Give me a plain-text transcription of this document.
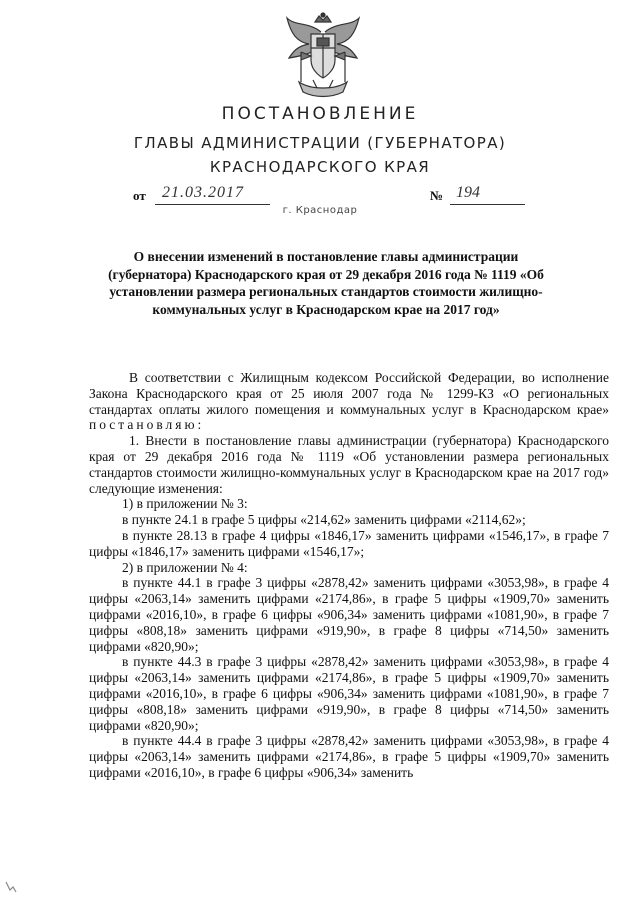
ПОСТАНОВЛЕНИЕ
ГЛАВЫ АДМИНИСТРАЦИИ (ГУБЕРНАТОРА)
КРАСНОДАРСКОГО КРАЯ
от 21.03.2017	№ 194
г. Краснодар
О внесении изменений в постановление главы администрации (губернатора) Краснодарского края от 29 декабря 2016 года № 1119 «Об установлении размера региональных стандартов стоимости жилищно-коммунальных услуг в Краснодарском крае на 2017 год»

В соответствии с Жилищным кодексом Российской Федерации, во исполнение Закона Краснодарского края от 25 июля 2007 года № 1299-КЗ «О региональных стандартах оплаты жилого помещения и коммунальных услуг в Краснодарском крае» постановляю:

1. Внести в постановление главы администрации (губернатора) Краснодарского края от 29 декабря 2016 года № 1119 «Об установлении размера региональных стандартов стоимости жилищно-коммунальных услуг в Краснодарском крае на 2017 год» следующие изменения:

1) в приложении № 3:

в пункте 24.1 в графе 5 цифры «214,62» заменить цифрами «2114,62»;

в пункте 28.13 в графе 4 цифры «1846,17» заменить цифрами «1546,17», в графе 7 цифры «1846,17» заменить цифрами «1546,17»;

2) в приложении № 4:

в пункте 44.1 в графе 3 цифры «2878,42» заменить цифрами «3053,98», в графе 4 цифры «2063,14» заменить цифрами «2174,86», в графе 5 цифры «1909,70» заменить цифрами «2016,10», в графе 6 цифры «906,34» заменить цифрами «1081,90», в графе 7 цифры «808,18» заменить цифрами «919,90», в графе 8 цифры «714,50» заменить цифрами «820,90»;

в пункте 44.3 в графе 3 цифры «2878,42» заменить цифрами «3053,98», в графе 4 цифры «2063,14» заменить цифрами «2174,86», в графе 5 цифры «1909,70» заменить цифрами «2016,10», в графе 6 цифры «906,34» заменить цифрами «1081,90», в графе 7 цифры «808,18» заменить цифрами «919,90», в графе 8 цифры «714,50» заменить цифрами «820,90»;

в пункте 44.4 в графе 3 цифры «2878,42» заменить цифрами «3053,98», в графе 4 цифры «2063,14» заменить цифрами «2174,86», в графе 5 цифры «1909,70» заменить цифрами «2016,10», в графе 6 цифры «906,34» заменить
